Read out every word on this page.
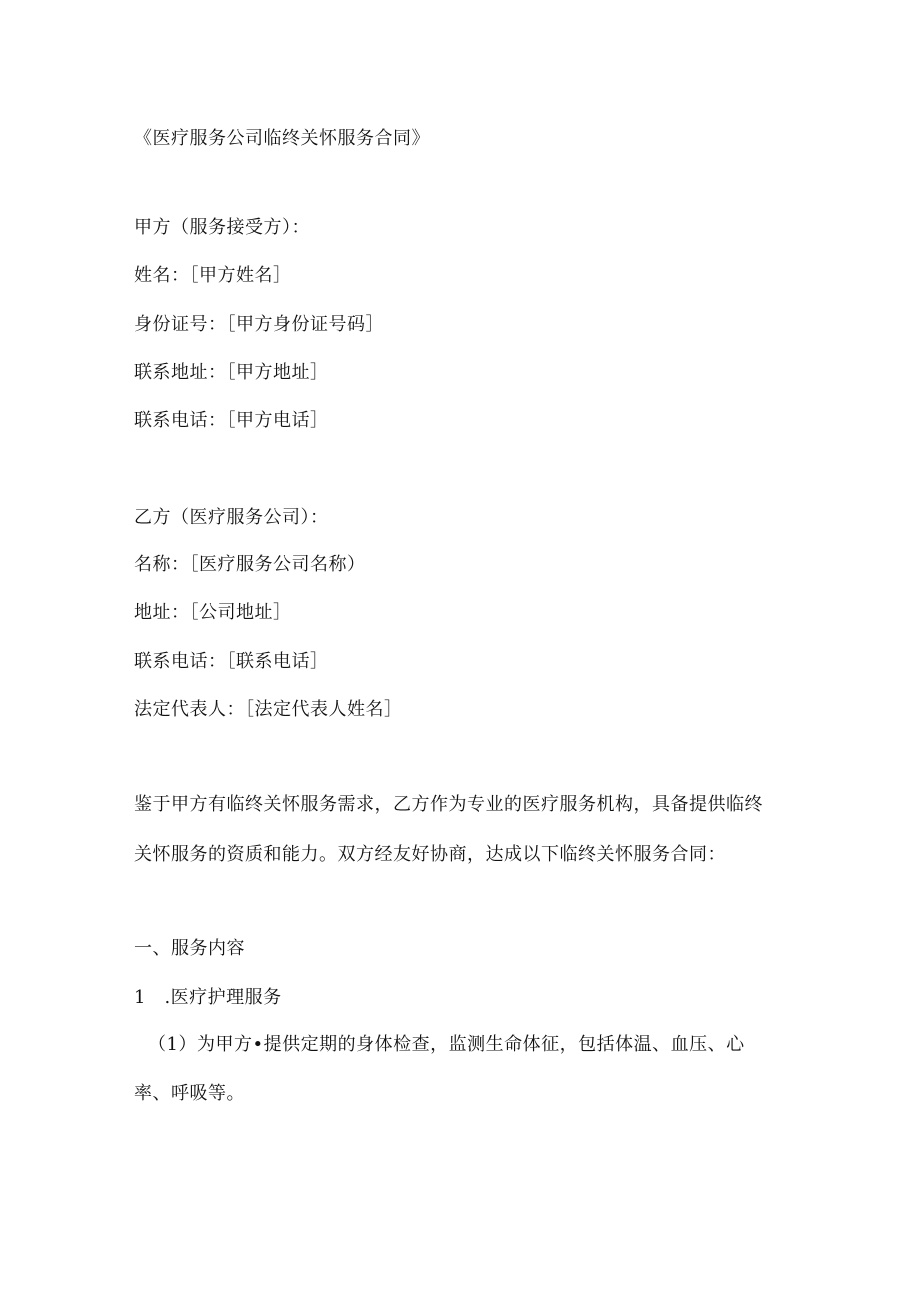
《医疗服务公司临终关怀服务合同》
甲方（服务接受方）：
姓名：［甲方姓名］
身份证号：［甲方身份证号码］
联系地址：［甲方地址］
联系电话：［甲方电话］
乙方（医疗服务公司）：
名称：［医疗服务公司名称）
地址：［公司地址］
联系电话：［联系电话］
法定代表人：［法定代表人姓名］
鉴于甲方有临终关怀服务需求，乙方作为专业的医疗服务机构，具备提供临终
关怀服务的资质和能力。双方经友好协商，达成以下临终关怀服务合同：
一、服务内容
1　.医疗护理服务
（1）为甲方•提供定期的身体检查，监测生命体征，包括体温、血压、心
率、呼吸等。
